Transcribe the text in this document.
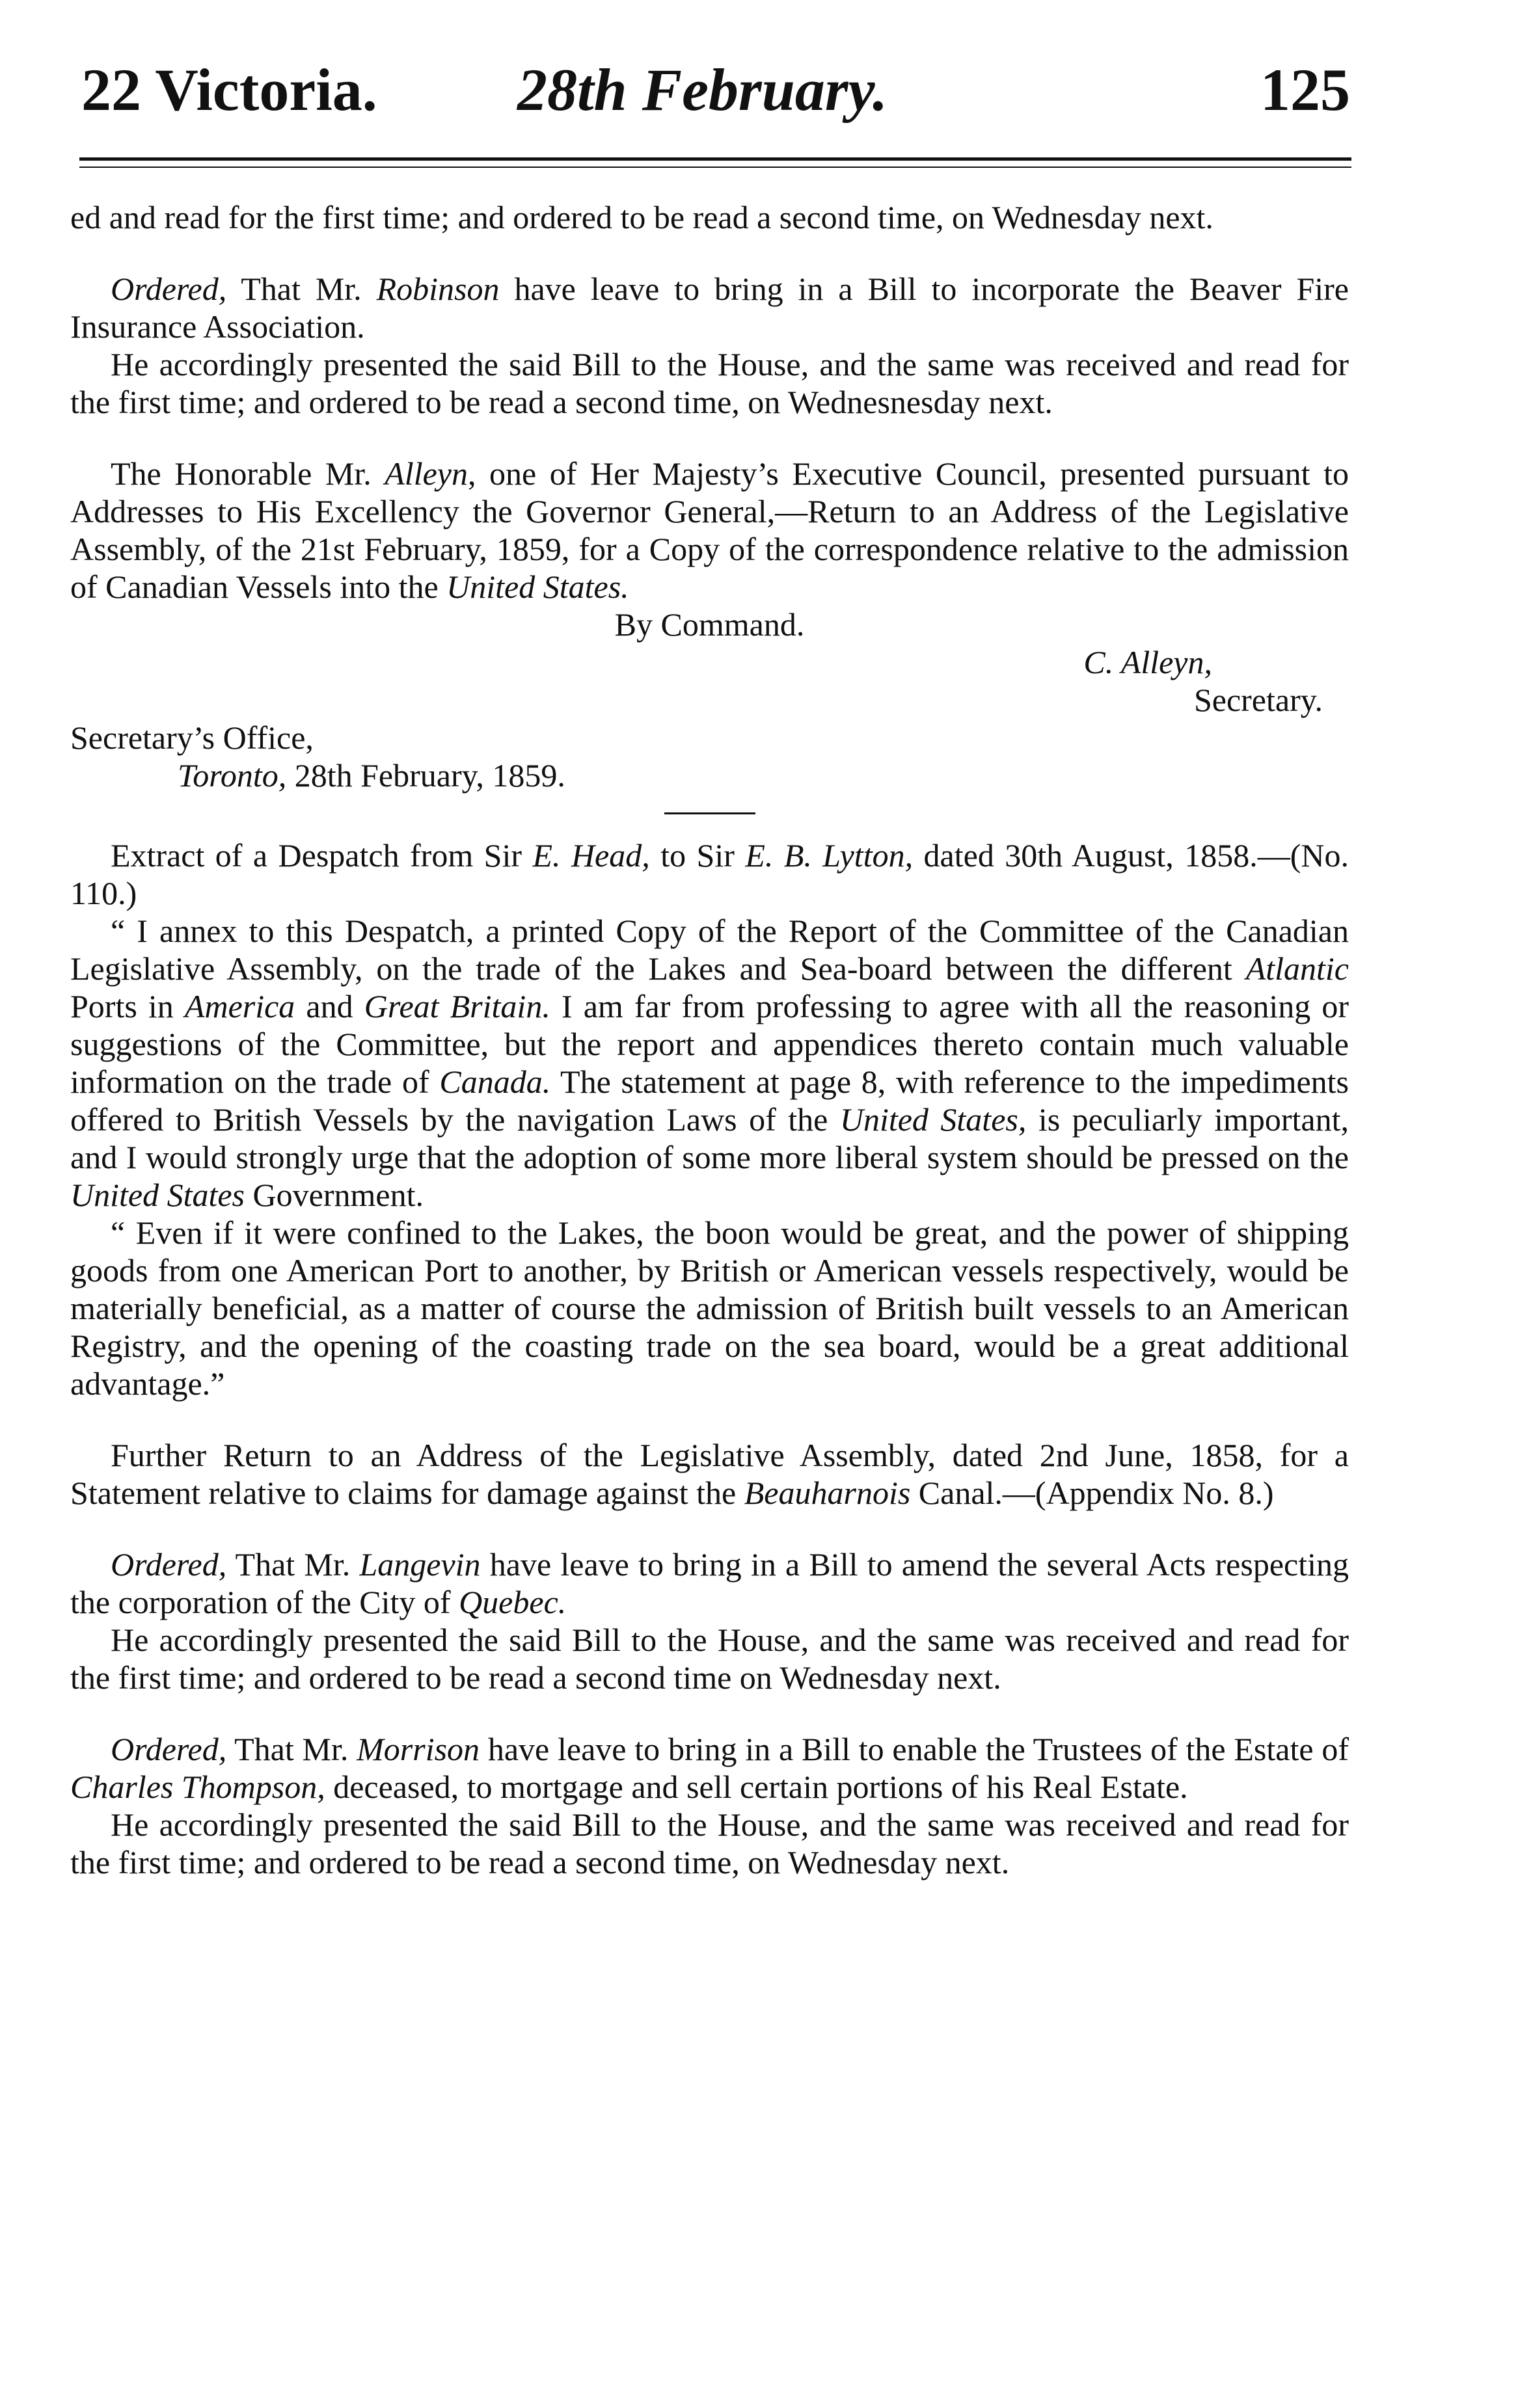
22 Victoria. 28th February.	125

ed and read for the first time; and ordered to be read a second time, on Wednesday next.

Ordered, That Mr. Robinson have leave to bring in a Bill to incorporate the Beaver Fire Insurance Association.

He accordingly presented the said Bill to the House, and the same was received and read for the first time; and ordered to be read a second time, on Wednesnesday next.

The Honorable Mr. Alleyn, one of Her Majesty’s Executive Council, presented pursuant to Addresses to His Excellency the Governor General,—Return to an Address of the Legislative Assembly, of the 21st February, 1859, for a Copy of the correspondence relative to the admission of Canadian Vessels into the United States.

By Command.

C. Alleyn,
Secretary.
Secretary’s Office,
Toronto, 28th February, 1859.

Extract of a Despatch from Sir E. Head, to Sir E. B. Lytton, dated 30th August, 1858.—(No. 110.)

“ I annex to this Despatch, a printed Copy of the Report of the Committee of the Canadian Legislative Assembly, on the trade of the Lakes and Sea-board between the different Atlantic Ports in America and Great Britain. I am far from professing to agree with all the reasoning or suggestions of the Committee, but the report and appendices thereto contain much valuable information on the trade of Canada. The statement at page 8, with reference to the impediments offered to British Vessels by the navigation Laws of the United States, is peculiarly important, and I would strongly urge that the adoption of some more liberal system should be pressed on the United States Government.

“ Even if it were confined to the Lakes, the boon would be great, and the power of shipping goods from one American Port to another, by British or American vessels respectively, would be materially beneficial, as a matter of course the admission of British built vessels to an American Registry, and the opening of the coasting trade on the sea board, would be a great additional advantage.”

Further Return to an Address of the Legislative Assembly, dated 2nd June, 1858, for a Statement relative to claims for damage against the Beauharnois Canal.—(Appendix No. 8.)

Ordered, That Mr. Langevin have leave to bring in a Bill to amend the several Acts respecting the corporation of the City of Quebec.

He accordingly presented the said Bill to the House, and the same was received and read for the first time; and ordered to be read a second time on Wednesday next.

Ordered, That Mr. Morrison have leave to bring in a Bill to enable the Trustees of the Estate of Charles Thompson, deceased, to mortgage and sell certain portions of his Real Estate.

He accordingly presented the said Bill to the House, and the same was received and read for the first time; and ordered to be read a second time, on Wednesday next.
